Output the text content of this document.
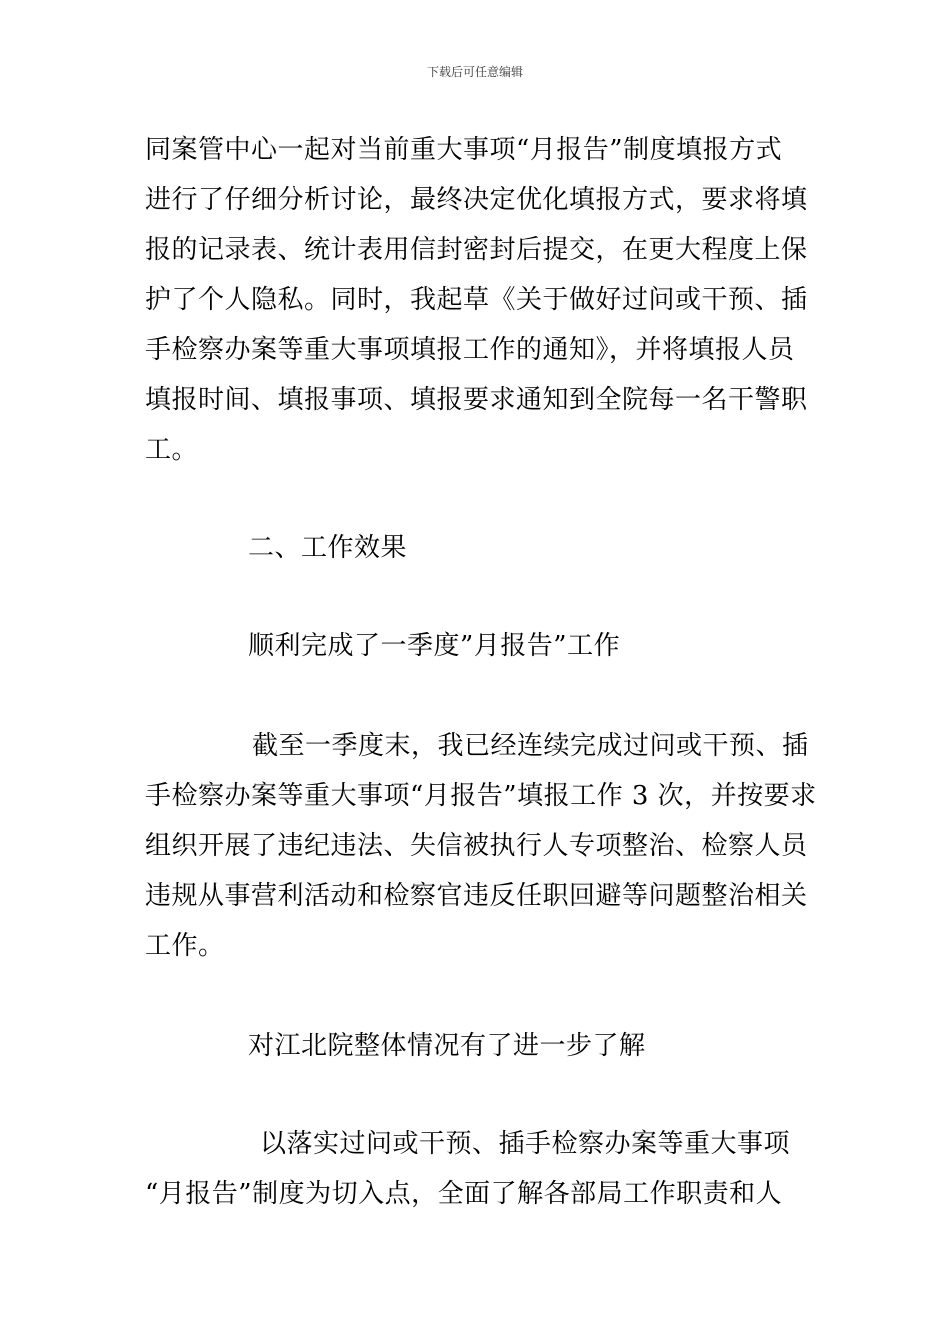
下载后可任意编辑
同案管中心一起对当前重大事项“月报告”制度填报方式
进行了仔细分析讨论，最终决定优化填报方式，要求将填
报的记录表、统计表用信封密封后提交，在更大程度上保
护了个人隐私。同时，我起草《关于做好过问或干预、插
手检察办案等重大事项填报工作的通知》，并将填报人员
填报时间、填报事项、填报要求通知到全院每一名干警职
工。
二、工作效果
顺利完成了一季度”月报告”工作
截至一季度末，我已经连续完成过问或干预、插
手检察办案等重大事项“月报告”填报工作 3 次，并按要求
组织开展了违纪违法、失信被执行人专项整治、检察人员
违规从事营利活动和检察官违反任职回避等问题整治相关
工作。
对江北院整体情况有了进一步了解
以落实过问或干预、插手检察办案等重大事项
“月报告”制度为切入点，全面了解各部局工作职责和人
